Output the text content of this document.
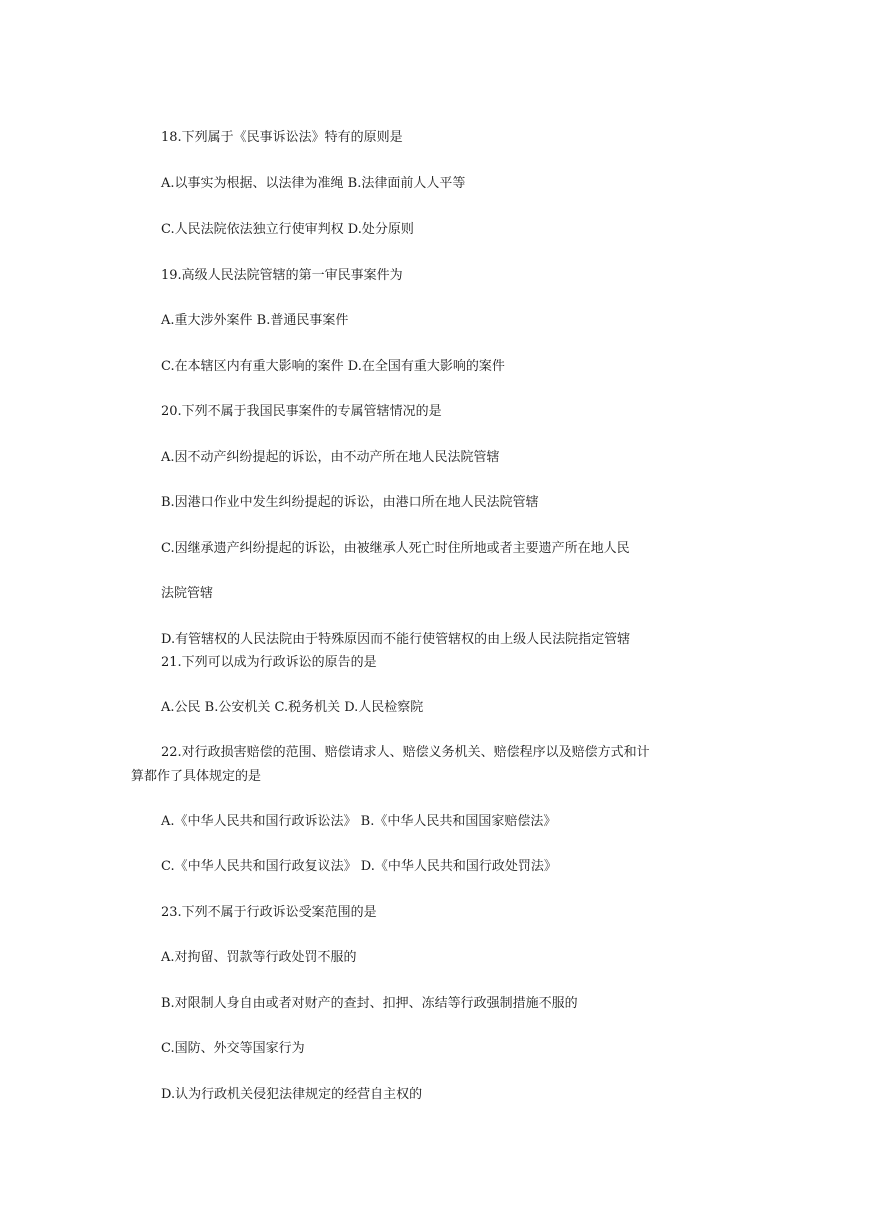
18.下列属于《民事诉讼法》特有的原则是
A.以事实为根据、以法律为准绳 B.法律面前人人平等
C.人民法院依法独立行使审判权 D.处分原则
19.高级人民法院管辖的第一审民事案件为
A.重大涉外案件 B.普通民事案件
C.在本辖区内有重大影响的案件 D.在全国有重大影响的案件
20.下列不属于我国民事案件的专属管辖情况的是
A.因不动产纠纷提起的诉讼，由不动产所在地人民法院管辖
B.因港口作业中发生纠纷提起的诉讼，由港口所在地人民法院管辖
C.因继承遗产纠纷提起的诉讼，由被继承人死亡时住所地或者主要遗产所在地人民
法院管辖
D.有管辖权的人民法院由于特殊原因而不能行使管辖权的由上级人民法院指定管辖
21.下列可以成为行政诉讼的原告的是
A.公民 B.公安机关 C.税务机关 D.人民检察院
22.对行政损害赔偿的范围、赔偿请求人、赔偿义务机关、赔偿程序以及赔偿方式和计
算都作了具体规定的是
A.《中华人民共和国行政诉讼法》 B.《中华人民共和国国家赔偿法》
C.《中华人民共和国行政复议法》 D.《中华人民共和国行政处罚法》
23.下列不属于行政诉讼受案范围的是
A.对拘留、罚款等行政处罚不服的
B.对限制人身自由或者对财产的查封、扣押、冻结等行政强制措施不服的
C.国防、外交等国家行为
D.认为行政机关侵犯法律规定的经营自主权的
